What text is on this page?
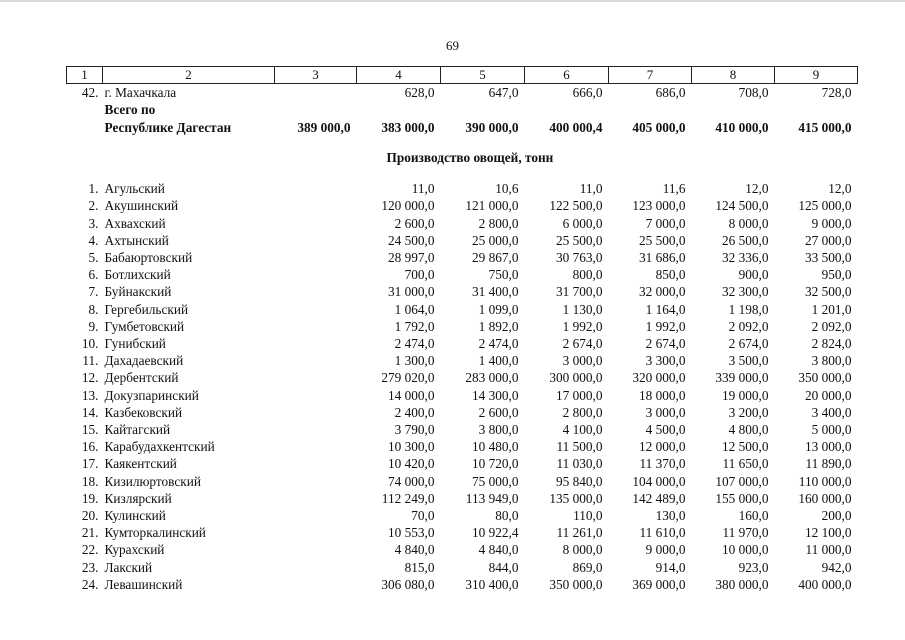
69
1	2	3	4	5	6	7	8	9
42.	г. Махачкала		628,0	647,0	666,0	686,0	708,0	728,0
	Всего по							
	Республике Дагестан	389 000,0	383 000,0	390 000,0	400 000,4	405 000,0	410 000,0	415 000,0
			Производство овощей, тонн					
1.	Агульский		11,0	10,6	11,0	11,6	12,0	12,0
2.	Акушинский		120 000,0	121 000,0	122 500,0	123 000,0	124 500,0	125 000,0
3.	Ахвахский		2 600,0	2 800,0	6 000,0	7 000,0	8 000,0	9 000,0
4.	Ахтынский		24 500,0	25 000,0	25 500,0	25 500,0	26 500,0	27 000,0
5.	Бабаюртовский		28 997,0	29 867,0	30 763,0	31 686,0	32 336,0	33 500,0
6.	Ботлихский		700,0	750,0	800,0	850,0	900,0	950,0
7.	Буйнакский		31 000,0	31 400,0	31 700,0	32 000,0	32 300,0	32 500,0
8.	Гергебильский		1 064,0	1 099,0	1 130,0	1 164,0	1 198,0	1 201,0
9.	Гумбетовский		1 792,0	1 892,0	1 992,0	1 992,0	2 092,0	2 092,0
10.	Гунибский		2 474,0	2 474,0	2 674,0	2 674,0	2 674,0	2 824,0
11.	Дахадаевский		1 300,0	1 400,0	3 000,0	3 300,0	3 500,0	3 800,0
12.	Дербентский		279 020,0	283 000,0	300 000,0	320 000,0	339 000,0	350 000,0
13.	Докузпаринский		14 000,0	14 300,0	17 000,0	18 000,0	19 000,0	20 000,0
14.	Казбековский		2 400,0	2 600,0	2 800,0	3 000,0	3 200,0	3 400,0
15.	Кайтагский		3 790,0	3 800,0	4 100,0	4 500,0	4 800,0	5 000,0
16.	Карабудахкентский		10 300,0	10 480,0	11 500,0	12 000,0	12 500,0	13 000,0
17.	Каякентский		10 420,0	10 720,0	11 030,0	11 370,0	11 650,0	11 890,0
18.	Кизилюртовский		74 000,0	75 000,0	95 840,0	104 000,0	107 000,0	110 000,0
19.	Кизлярский		112 249,0	113 949,0	135 000,0	142 489,0	155 000,0	160 000,0
20.	Кулинский		70,0	80,0	110,0	130,0	160,0	200,0
21.	Кумторкалинский		10 553,0	10 922,4	11 261,0	11 610,0	11 970,0	12 100,0
22.	Курахский		4 840,0	4 840,0	8 000,0	9 000,0	10 000,0	11 000,0
23.	Лакский		815,0	844,0	869,0	914,0	923,0	942,0
24.	Левашинский		306 080,0	310 400,0	350 000,0	369 000,0	380 000,0	400 000,0
